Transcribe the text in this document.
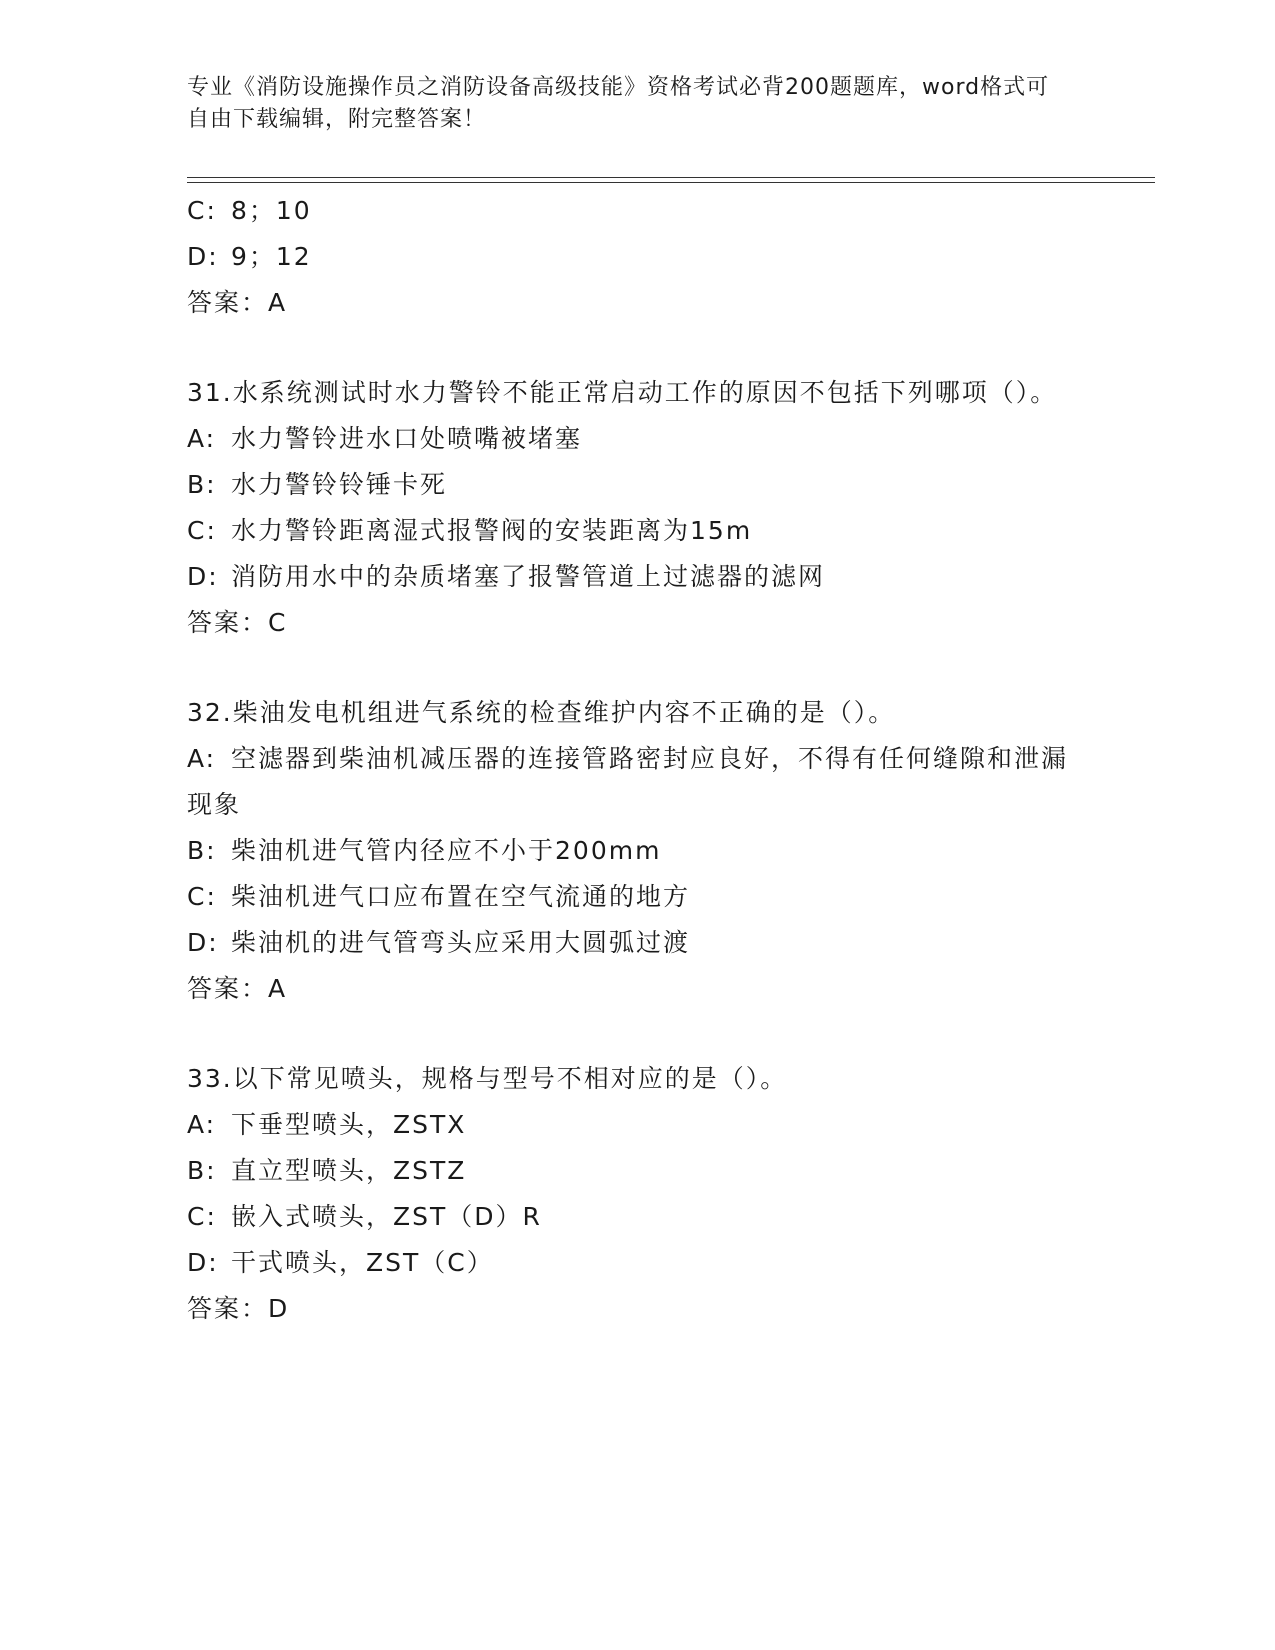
专业《消防设施操作员之消防设备高级技能》资格考试必背200题题库，word格式可自由下载编辑，附完整答案！

C: 8；10

D: 9；12

答案：A

31.水系统测试时水力警铃不能正常启动工作的原因不包括下列哪项（）。

A: 水力警铃进水口处喷嘴被堵塞

B: 水力警铃铃锤卡死

C: 水力警铃距离湿式报警阀的安装距离为15m

D: 消防用水中的杂质堵塞了报警管道上过滤器的滤网

答案：C

32.柴油发电机组进气系统的检查维护内容不正确的是（）。

A: 空滤器到柴油机减压器的连接管路密封应良好，不得有任何缝隙和泄漏现象

B: 柴油机进气管内径应不小于200mm

C: 柴油机进气口应布置在空气流通的地方

D: 柴油机的进气管弯头应采用大圆弧过渡

答案：A

33.以下常见喷头，规格与型号不相对应的是（）。

A: 下垂型喷头，ZSTX

B: 直立型喷头，ZSTZ

C: 嵌入式喷头，ZST（D）R

D: 干式喷头，ZST（C）

答案：D
